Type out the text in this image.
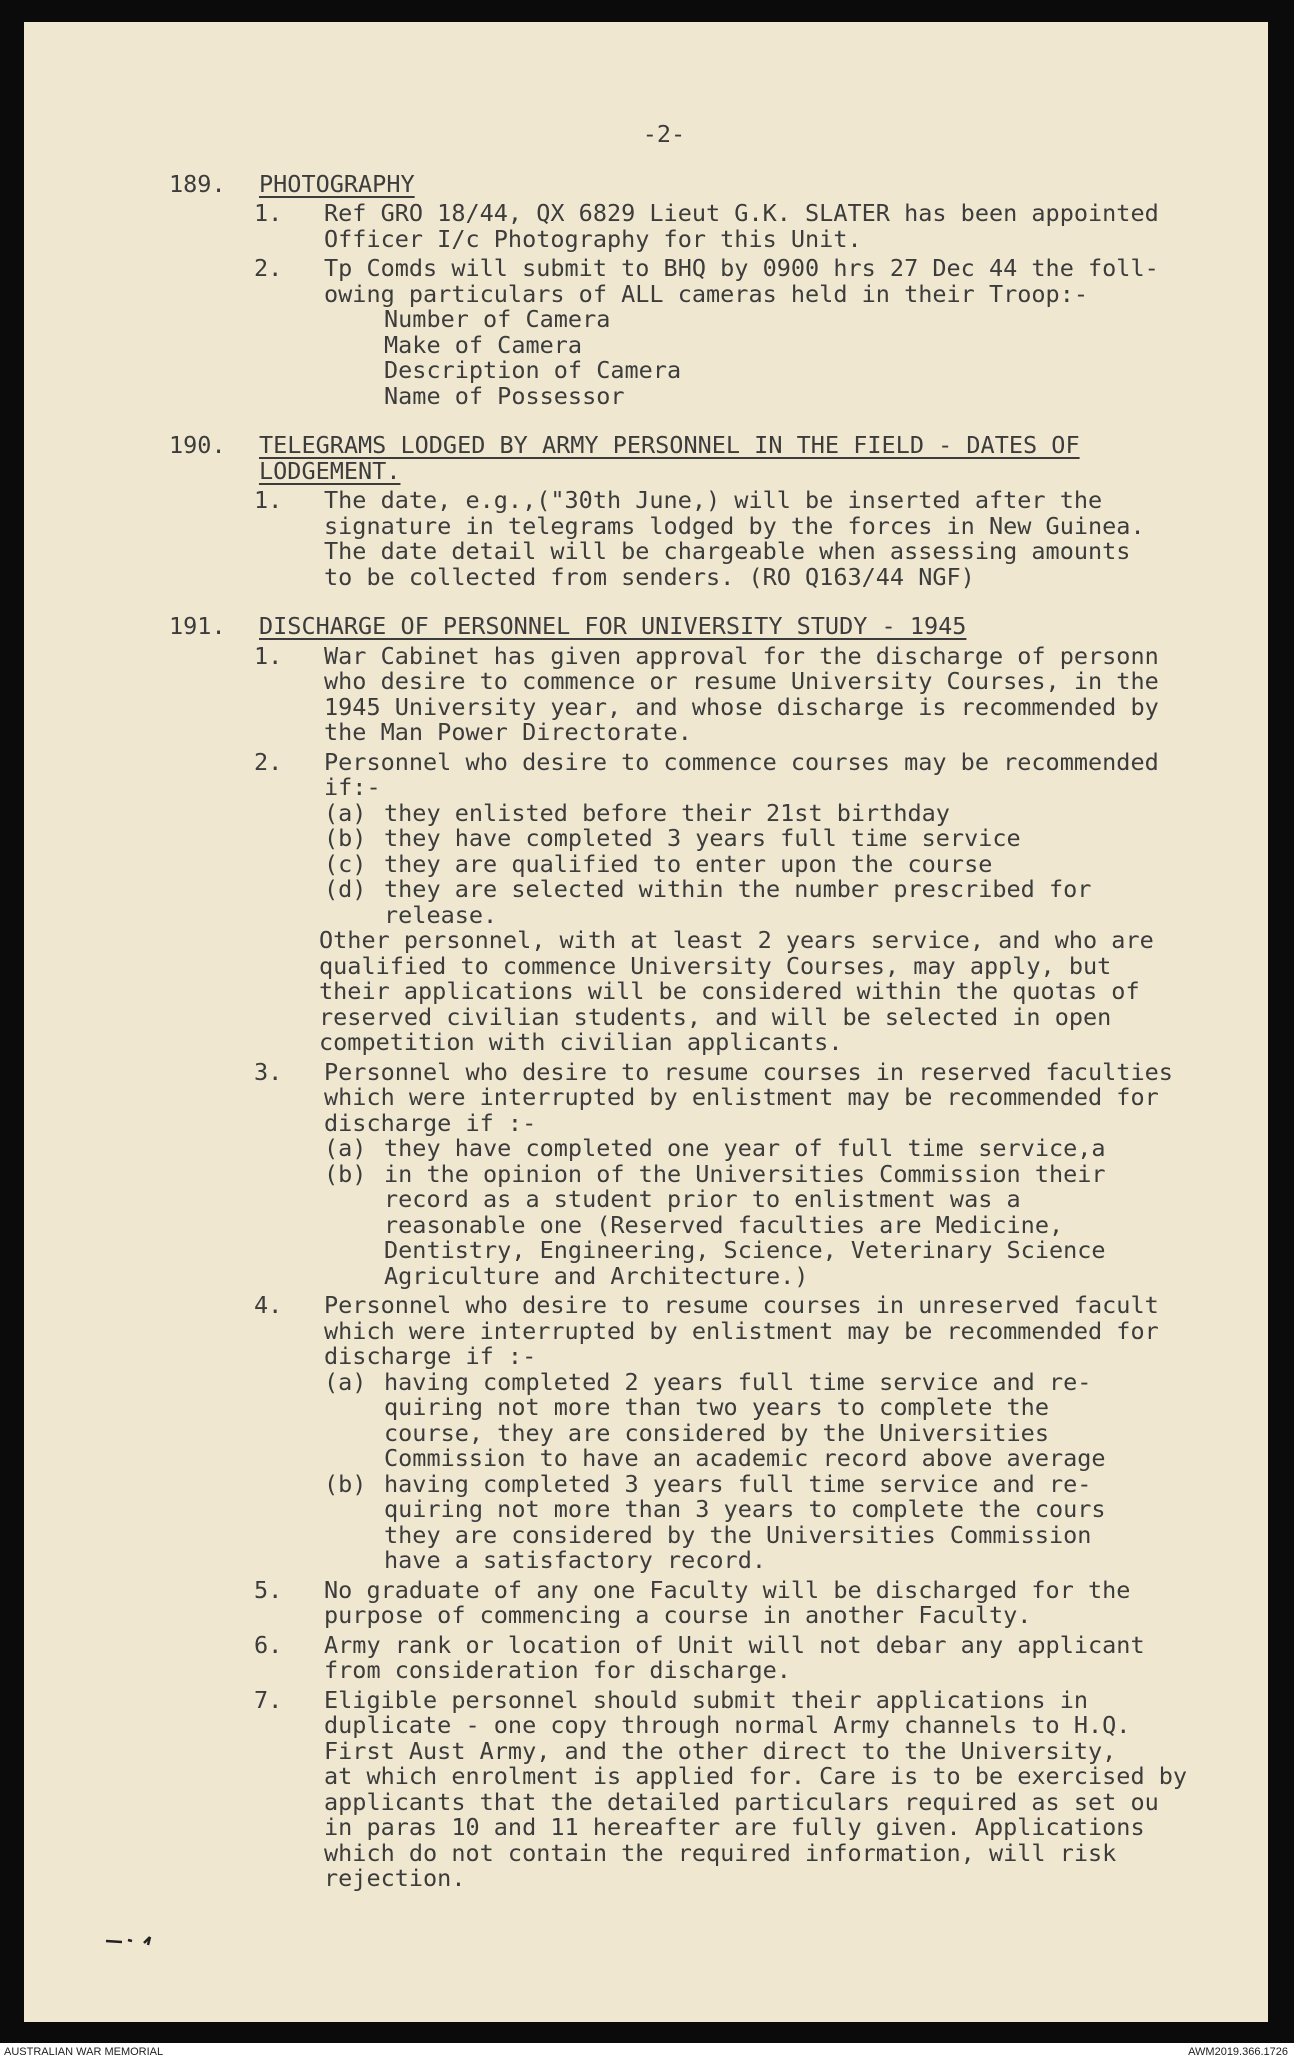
-2-
189. PHOTOGRAPHY
1. Ref GRO 18/44, QX 6829 Lieut G.K. SLATER has been appointed
Officer I/c Photography for this Unit.
2. Tp Comds will submit to BHQ by 0900 hrs 27 Dec 44 the foll-
owing particulars of ALL cameras held in their Troop:-
Number of Camera
Make of Camera
Description of Camera
Name of Possessor
190. TELEGRAMS LODGED BY ARMY PERSONNEL IN THE FIELD - DATES OF
LODGEMENT.
1. The date, e.g.,("30th June,) will be inserted after the
signature in telegrams lodged by the forces in New Guinea.
The date detail will be chargeable when assessing amounts
to be collected from senders. (RO Q163/44 NGF)
191. DISCHARGE OF PERSONNEL FOR UNIVERSITY STUDY - 1945
1. War Cabinet has given approval for the discharge of personn
who desire to commence or resume University Courses, in the
1945 University year, and whose discharge is recommended by
the Man Power Directorate.
2. Personnel who desire to commence courses may be recommended
if:-
(a) they enlisted before their 21st birthday
(b) they have completed 3 years full time service
(c) they are qualified to enter upon the course
(d) they are selected within the number prescribed for
release.
Other personnel, with at least 2 years service, and who are
qualified to commence University Courses, may apply, but
their applications will be considered within the quotas of
reserved civilian students, and will be selected in open
competition with civilian applicants.
3. Personnel who desire to resume courses in reserved faculties
which were interrupted by enlistment may be recommended for
discharge if :-
(a) they have completed one year of full time service,a
(b) in the opinion of the Universities Commission their
record as a student prior to enlistment was a
reasonable one (Reserved faculties are Medicine,
Dentistry, Engineering, Science, Veterinary Science
Agriculture and Architecture.)
4. Personnel who desire to resume courses in unreserved facult
which were interrupted by enlistment may be recommended for
discharge if :-
(a) having completed 2 years full time service and re-
quiring not more than two years to complete the
course, they are considered by the Universities
Commission to have an academic record above average
(b) having completed 3 years full time service and re-
quiring not more than 3 years to complete the cours
they are considered by the Universities Commission
have a satisfactory record.
5. No graduate of any one Faculty will be discharged for the
purpose of commencing a course in another Faculty.
6. Army rank or location of Unit will not debar any applicant
from consideration for discharge.
7. Eligible personnel should submit their applications in
duplicate - one copy through normal Army channels to H.Q.
First Aust Army, and the other direct to the University,
at which enrolment is applied for. Care is to be exercised by
applicants that the detailed particulars required as set ou
in paras 10 and 11 hereafter are fully given. Applications
which do not contain the required information, will risk
rejection.
AUSTRALIAN WAR MEMORIAL	AWM2019.366.1726
